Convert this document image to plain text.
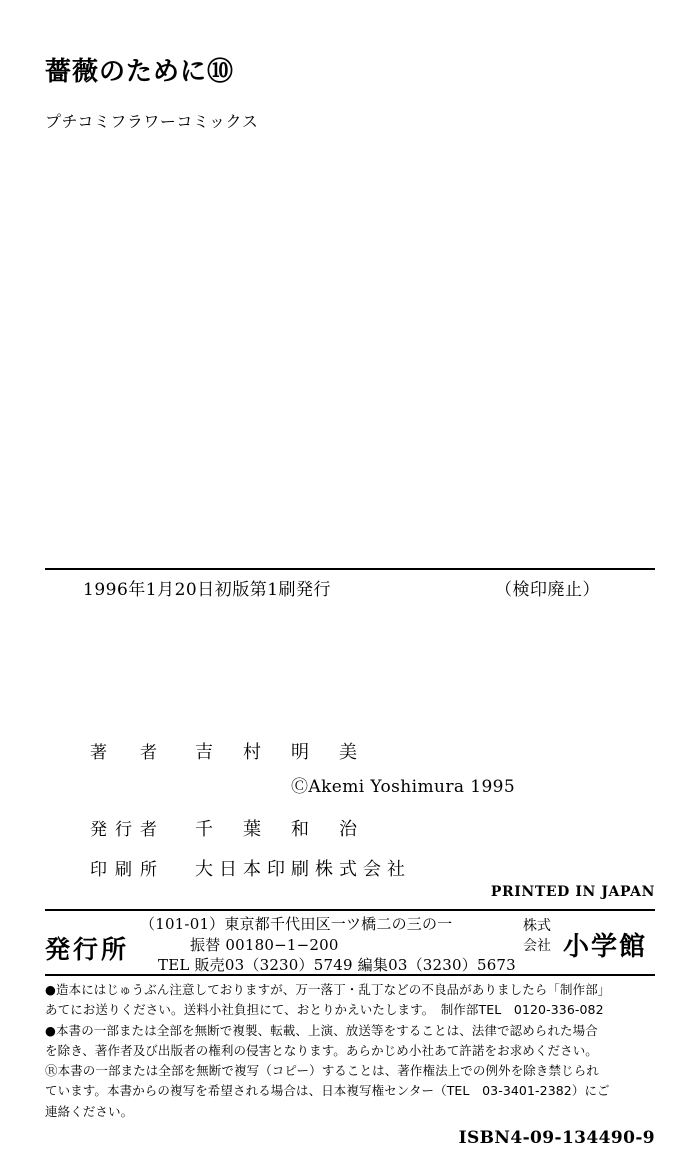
薔薇のために⑩
プチコミフラワーコミックス
1996年1月20日初版第1刷発行	（検印廃止）
著　者	吉　村　明　美
ⒸAkemi Yoshimura 1995
発行者	千　葉　和　治
印刷所	大日本印刷株式会社
PRINTED IN JAPAN
発行所
（101-01）東京都千代田区一ツ橋二の三の一
振替 00180−1−200
TEL 販売03（3230）5749 編集03（3230）5673
株式
会社 小学館
●造本にはじゅうぶん注意しておりますが、万一落丁・乱丁などの不良品がありましたら「制作部」
あてにお送りください。送料小社負担にて、おとりかえいたします。　制作部TEL　0120-336-082
●本書の一部または全部を無断で複製、転載、上演、放送等をすることは、法律で認められた場合
を除き、著作者及び出版者の権利の侵害となります。あらかじめ小社あて許諾をお求めください。
Ⓡ本書の一部または全部を無断で複写（コピー）することは、著作権法上での例外を除き禁じられ
ています。本書からの複写を希望される場合は、日本複写権センター（TEL　03-3401-2382）にご
連絡ください。
ISBN4-09-134490-9
